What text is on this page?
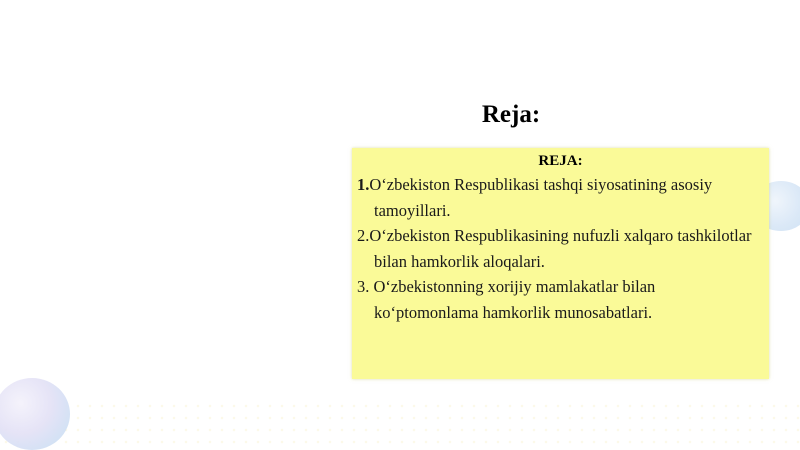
Reja:
REJA:
1.O‘zbekiston Respublikasi tashqi siyosatining asosiy tamoyillari.
2.O‘zbekiston Respublikasining nufuzli xalqaro tashkilotlar bilan hamkorlik aloqalari.
3. O‘zbekistonning xorijiy mamlakatlar bilan ko‘ptomonlama hamkorlik munosabatlari.
